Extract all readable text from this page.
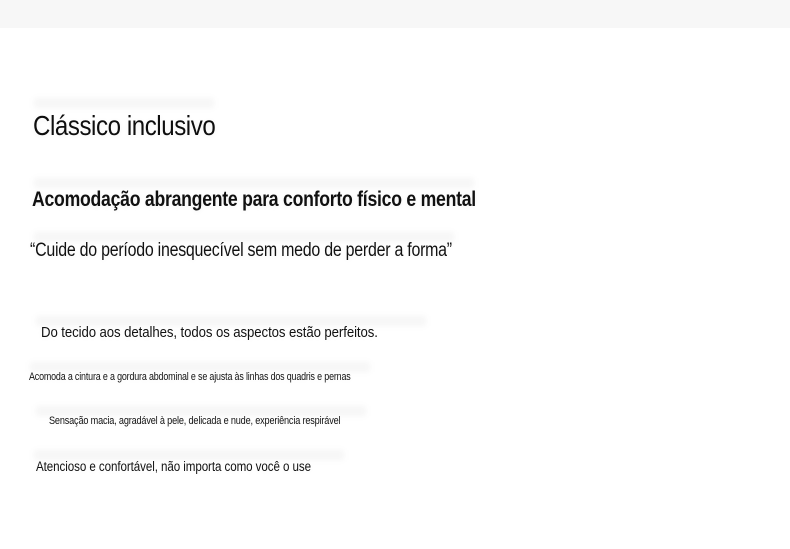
Clássico inclusivo
Acomodação abrangente para conforto físico e mental

“Cuide do período inesquecível sem medo de perder a forma”

Do tecido aos detalhes, todos os aspectos estão perfeitos.

Acomoda a cintura e a gordura abdominal e se ajusta às linhas dos quadris e pernas

Sensação macia, agradável à pele, delicada e nude, experiência respirável

Atencioso e confortável, não importa como você o use
